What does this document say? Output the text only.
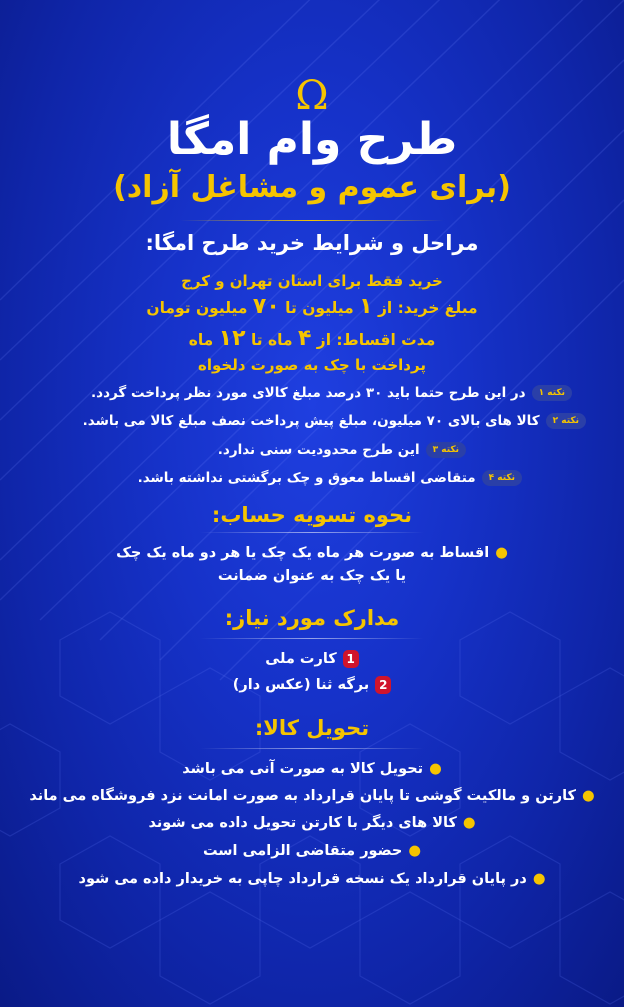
Ω
طرح وام امگا
(برای عموم و مشاغل آزاد)
مراحل و شرایط خرید طرح امگا:
خرید فقط برای استان تهران و کرج
مبلغ خرید: از ۱ میلیون تا ۷۰ میلیون تومان
مدت اقساط: از ۴ ماه تا ۱۲ ماه
پرداخت با چک به صورت دلخواه
نکته ۱در این طرح حتما باید ۳۰ درصد مبلغ کالای مورد نظر پرداخت گردد.
نکته ۲کالا های بالای ۷۰ میلیون، مبلغ پیش پرداخت نصف مبلغ کالا می باشد.
نکته ۳این طرح محدودیت سنی ندارد.
نکته ۴متقاضی اقساط معوق و چک برگشتی نداشته باشد.
نحوه تسویه حساب:
●اقساط به صورت هر ماه یک چک یا هر دو ماه یک چک
یا یک چک به عنوان ضمانت
مدارک مورد نیاز:
1کارت ملی
2برگه ثنا (عکس دار)
تحویل کالا:
●تحویل کالا به صورت آنی می باشد
●کارتن و مالکیت گوشی تا پایان قرارداد به صورت امانت نزد فروشگاه می ماند
●کالا های دیگر با کارتن تحویل داده می شوند
●حضور متقاضی الزامی است
●در پایان قرارداد یک نسخه قرارداد چاپی به خریدار داده می شود
